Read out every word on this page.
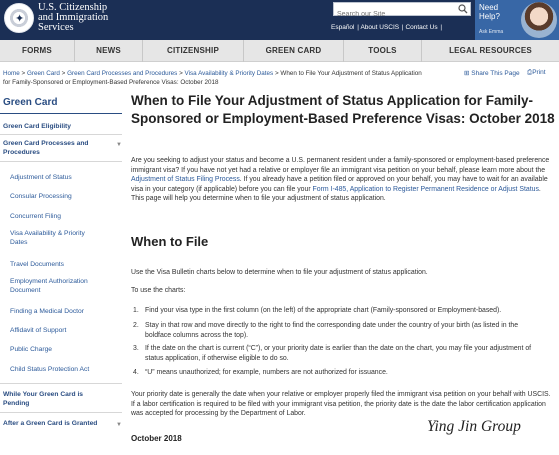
✦
U.S. Citizenship
and Immigration
Services
Search our Site	Español | About USCIS | Contact Us |
Need Help?
Ask Emma
FORMS	NEWS	CITIZENSHIP	GREEN CARD	TOOLS	LEGAL RESOURCES
Home > Green Card > Green Card Processes and Procedures > Visa Availability & Priority Dates > When to File Your Adjustment of Status Application for Family-Sponsored or Employment-Based Preference Visas: October 2018
⊞ Share This Page ⎙Print
Green Card
Green Card Eligibility
Green Card Processes and Procedures
▼
Adjustment of Status
Consular Processing
Concurrent Filing
Visa Availability & Priority Dates
Travel Documents
Employment Authorization Document
Finding a Medical Doctor
Affidavit of Support
Public Charge
Child Status Protection Act
While Your Green Card is Pending
After a Green Card is Granted	▼
When to File Your Adjustment of Status Application for Family-Sponsored or Employment-Based Preference Visas: October 2018
Are you seeking to adjust your status and become a U.S. permanent resident under a family-sponsored or employment-based preference immigrant visa? If you have not yet had a relative or employer file an immigrant visa petition on your behalf, please learn more about the Adjustment of Status Filing Process. If you already have a petition filed or approved on your behalf, you may have to wait for an available visa in your category (if applicable) before you can file your Form I-485, Application to Register Permanent Residence or Adjust Status. This page will help you determine when to file your adjustment of status application.
When to File
Use the Visa Bulletin charts below to determine when to file your adjustment of status application.
To use the charts:
1. Find your visa type in the first column (on the left) of the appropriate chart (Family-sponsored or Employment-based).
2. Stay in that row and move directly to the right to find the corresponding date under the country of your birth (as listed in the boldface columns across the top).
3. If the date on the chart is current (“C”), or your priority date is earlier than the date on the chart, you may file your adjustment of status application, if otherwise eligible to do so.
4. “U” means unauthorized; for example, numbers are not authorized for issuance.
Your priority date is generally the date when your relative or employer properly filed the immigrant visa petition on your behalf with USCIS. If a labor certification is required to be filed with your immigrant visa petition, the priority date is the date the labor certification application was accepted for processing by the Department of Labor.
October 2018
Ying Jin Group
